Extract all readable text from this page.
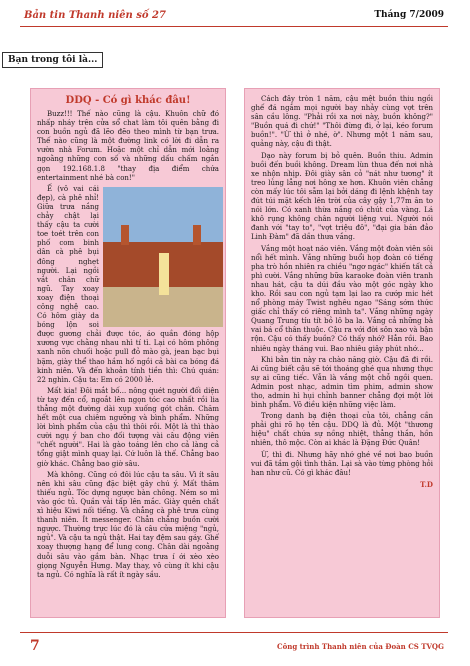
Bản tin Thanh niên số 27	Tháng 7/2009
Bạn trong tôi là...
DDQ - Có gì khác đâu!

Buzz!!! Thế nào cũng là cậu. Khuôn chữ đó nhấp nháy trên cửa sổ chat làm tôi quên bằng đi con buồn ngủ đã lẽo đẽo theo mình từ bạn trưa. Thế nào cũng là một đường link có lời đi dẫn ra vườn nhà Forum. Hoặc một chỉ dẫn mới loằng ngoằng những con số và những dấu chấm ngắn gọn 192.168.1.8 "thay địa điểm chứa entertainment nhé bà con!"

Ế (vô vai cái đẹp), cà phê nhỉ! Giữa trưa nắng chảy chật lại thấy cậu ta cười toe toét trên con phố com binh dân cà phê bụi đông nghẹt người. Lại ngồi vắt chân chữ ngũ. Tay xoay xoay điện thoại công nghệ cao. Có hôm giày da bóng lộn soi được gương chải được tóc, áo quần đóng hộp xương vực chằng nhau nhì tí tì. Lại có hôm phông xanh nõn chuối hoặc pull đỏ mào gà, jean bạc bụi bặm, giày thể thao hầm hố ngồi cả bài ca bóng đá kinh niên. Và đến khoản tính tiền thì: Chú quán: 22 nghìn. Cậu ta: Em có 2000 lẻ.

Mất kia! Đôi mắt bố... nông quét người đối diện từ tay đến cổ, ngoắt lên ngọn tóc cao nhất rồi lia thẳng một đường dài xụp xuống gót chân. Chăm hết một cua chiêm ngưỡng và bình phẩm. Những lời bình phẩm của cậu thì thôi rồi. Một là thì thào cười ngụ ý ban cho đối tượng vài câu động viên "chết người". Hai là gào toáng lên cho cả làng cả tổng giật mình quay lại. Cứ luôn là thế. Chẳng bao giờ khác. Chẳng bao giờ sâu.

Mà không. Cũng có đôi lúc cậu ta sâu. Vì ít sâu nên khi sâu cũng đặc biệt gây chú ý. Mất thăm thiếu ngủ. Tóc dựng ngược bàn chông. Ném so mì vào góc tủ. Quần vải tấp lên mắc. Giày quên chất xì hiệu Kiwi nối tiếng. Và chẳng cà phê trưa cùng thanh niên. Ít messenger. Chẳn chẳng buồn cười ngược. Thường trực lúc đó là câu cửa miệng "ngủ, ngủ". Và cậu ta ngủ thật. Hai tay đệm sau gáy. Ghế xoay thượng hạng để lung cong. Chân dài ngoằng duỗi sâu vào gầm bàn. Nhạc trưa í ới xèo xèo giọng Nguyễn Hưng. May thay, vô cùng ít khi cậu ta ngủ. Có nghĩa là rất ít ngày sầu.

Cách đây tròn 1 năm, cậu mệt buồn thiu ngồi ghế đá ngắm mọi người bay nhảy cùng vợt trên sân cầu lông. "Phải rồi xa nơi này, buồn không?" "Buồn quá đi chứ!" "Thôi đừng đi, ở lại, kéo forum buồn!". "Ừ thì ở nhé, ờ". Nhưng một 1 năm sau, quảng này, cậu đi thật.

Dạo này forum bị bỏ quên. Buồn thiu. Admin buồi đến buồi không. Dream lùn thua đến nơi nhà xe nhộn nhịp. Đôi giày sân cỏ "nát như tương" ít treo lủng lẳng nơi hông xe hơn. Khuôn viên chẳng còn mấy lúc tôi sẵm lại bởi dáng đi lệnh khệnh tay đút túi mặt kếch lên trời của cây gậy 1,77m ăn to nói lớn. Có xanh thừa nắng có chút của vàng. Lá khô rụng không chân người liệng vui. Người nói đanh với "tay to", "vợt triệu đô", "đại gia bán đảo Linh Đàm" đã dần thưa vắng.

Vắng một hoạt náo viên. Vắng một đoàn viên sôi nổi hết mình. Vắng những buổi họp đoàn có tiếng pha trò hồn nhiên ra chiều "ngơ ngác" khiến tất cả phì cười. Vắng những bữa karaoke đoàn viên tranh nhau hát, cậu ta dúi đầu vào một góc ngày kho kho. Rồi sau con ngủ tạm lại lao ra cướp mic hét nổ phòng máy Twist nghêu ngao "Sáng sớm thức giấc chỉ thấy có riêng mình ta". Vắng những ngày Quang Trung tíu tít bỏ lô ba la. Vắng cả những bà vai bá cổ thân thuộc. Cậu ra với đời sôn xao và bận rộn. Cậu có thấy buồn? Có thấy nhớ? Hẳn rồi. Bao nhiêu ngày tháng vui. Bao nhiêu giây phút nhớ...

Khi bản tin này ra chào năng giờ. Cậu đã đi rồi. Ai cũng biết cậu sẽ tới thoáng ghé qua nhưng thực sự ai cũng tiếc. Vẫn là vắng một chỗ ngồi quen. Admin post nhạc, admin tìm phim, admin show tho, admin hì hụi chỉnh banner chẳng đợi một lời bình phẩm. Vô điều kiện những việc làm.

Trong danh bạ điện thoại của tôi, chẳng cần phải ghi rõ họ tên cậu. DDQ là đủ. Một "thương hiệu" chất chứa sự nồng nhiệt, thẳng thắn, hồn nhiên, thô mộc. Còn ai khác là Đặng Đức Quân!

Ừ, thì đi. Nhưng hãy nhớ ghé về nơi bao buồn vui đã tầm gội tình thân. Lại sà vào từng phòng hỏi han như cũ. Có gì khác đâu!

T.D
7	Công trình Thanh niên của Đoàn CS TVQG
